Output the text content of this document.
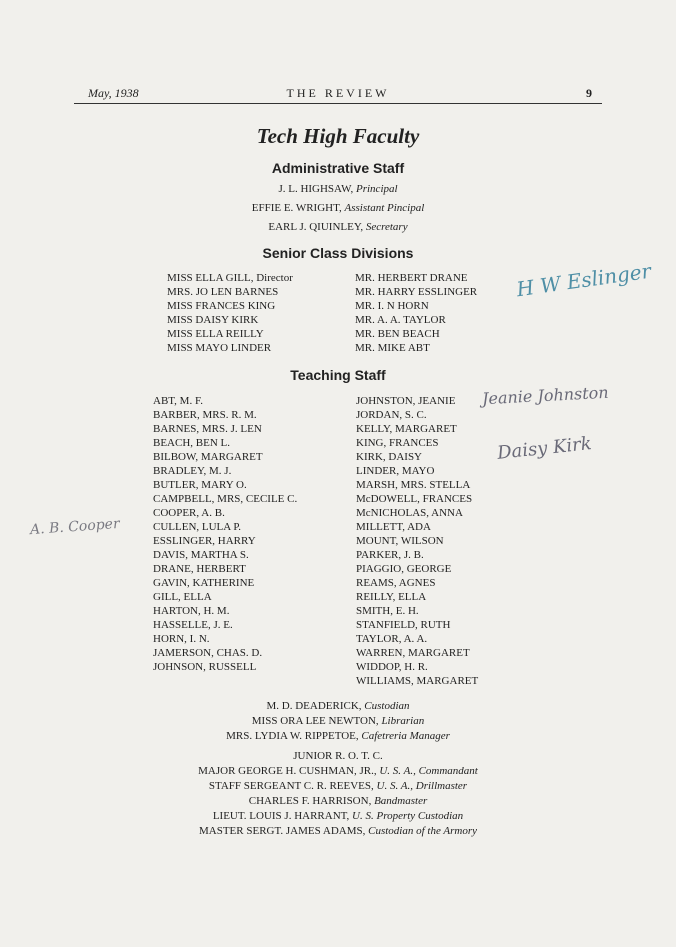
May, 1938	THE REVIEW	9
Tech High Faculty
Administrative Staff
J. L. HIGHSAW, Principal
EFFIE E. WRIGHT, Assistant Pincipal
EARL J. QIUINLEY, Secretary
Senior Class Divisions
MISS ELLA GILL, Director
MRS. JO LEN BARNES
MISS FRANCES KING
MISS DAISY KIRK
MISS ELLA REILLY
MISS MAYO LINDER
MR. HERBERT DRANE
MR. HARRY ESSLINGER
MR. I. N HORN
MR. A. A. TAYLOR
MR. BEN BEACH
MR. MIKE ABT
Teaching Staff
ABT, M. F.
BARBER, MRS. R. M.
BARNES, MRS. J. LEN
BEACH, BEN L.
BILBOW, MARGARET
BRADLEY, M. J.
BUTLER, MARY O.
CAMPBELL, MRS, CECILE C.
COOPER, A. B.
CULLEN, LULA P.
ESSLINGER, HARRY
DAVIS, MARTHA S.
DRANE, HERBERT
GAVIN, KATHERINE
GILL, ELLA
HARTON, H. M.
HASSELLE, J. E.
HORN, I. N.
JAMERSON, CHAS. D.
JOHNSON, RUSSELL
JOHNSTON, JEANIE
JORDAN, S. C.
KELLY, MARGARET
KING, FRANCES
KIRK, DAISY
LINDER, MAYO
MARSH, MRS. STELLA
McDOWELL, FRANCES
McNICHOLAS, ANNA
MILLETT, ADA
MOUNT, WILSON
PARKER, J. B.
PIAGGIO, GEORGE
REAMS, AGNES
REILLY, ELLA
SMITH, E. H.
STANFIELD, RUTH
TAYLOR, A. A.
WARREN, MARGARET
WIDDOP, H. R.
WILLIAMS, MARGARET
M. D. DEADERICK, Custodian
MISS ORA LEE NEWTON, Librarian
MRS. LYDIA W. RIPPETOE, Cafetreria Manager
JUNIOR R. O. T. C.
MAJOR GEORGE H. CUSHMAN, JR., U. S. A., Commandant
STAFF SERGEANT C. R. REEVES, U. S. A., Drillmaster
CHARLES F. HARRISON, Bandmaster
LIEUT. LOUIS J. HARRANT, U. S. Property Custodian
MASTER SERGT. JAMES ADAMS, Custodian of the Armory
H W Eslinger
Jeanie Johnston
Daisy Kirk
A. B. Cooper
